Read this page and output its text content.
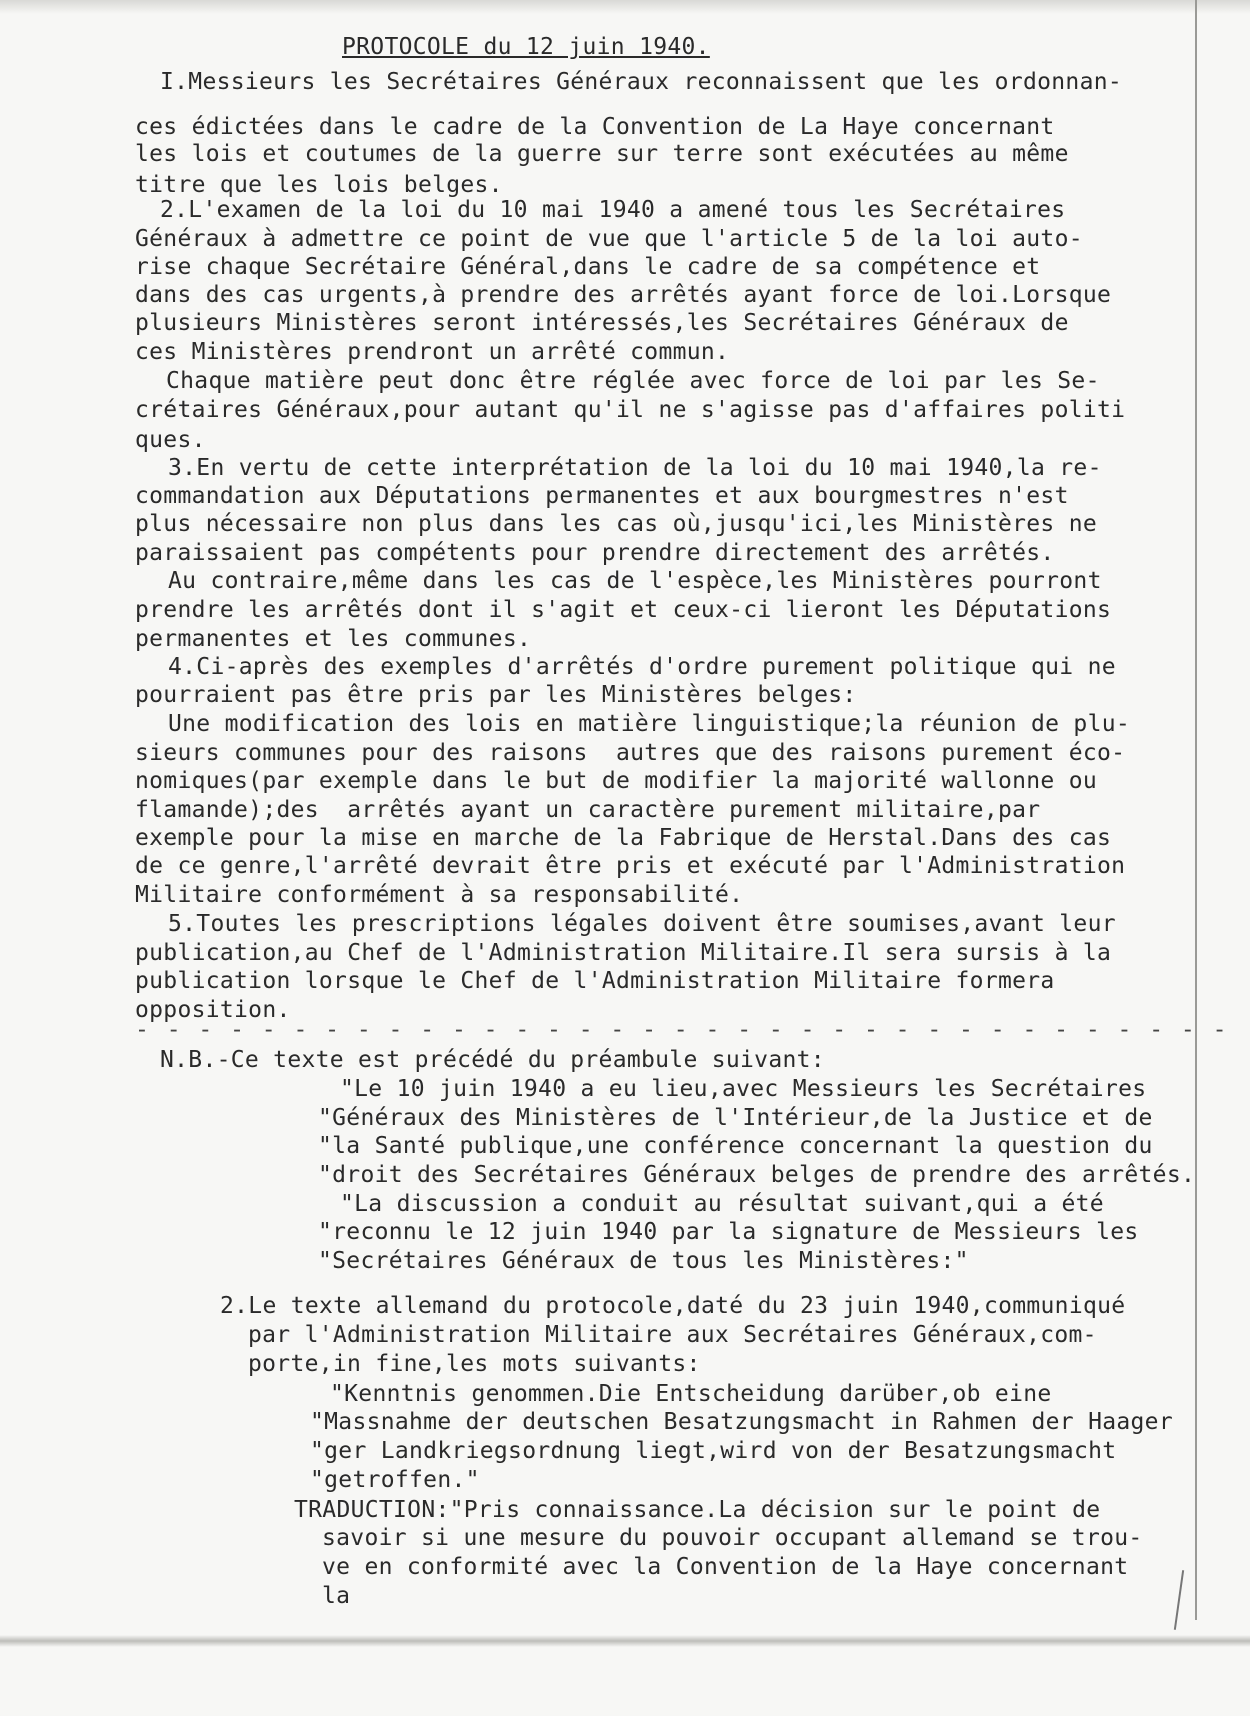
PROTOCOLE du 12 juin 1940.
I.Messieurs les Secrétaires Généraux reconnaissent que les ordonnan-
ces édictées dans le cadre de la Convention de La Haye concernant
les lois et coutumes de la guerre sur terre sont exécutées au même
titre que les lois belges.
2.L'examen de la loi du 10 mai 1940 a amené tous les Secrétaires
Généraux à admettre ce point de vue que l'article 5 de la loi auto-
rise chaque Secrétaire Général,dans le cadre de sa compétence et
dans des cas urgents,à prendre des arrêtés ayant force de loi.Lorsque
plusieurs Ministères seront intéressés,les Secrétaires Généraux de
ces Ministères prendront un arrêté commun.
Chaque matière peut donc être réglée avec force de loi par les Se-
crétaires Généraux,pour autant qu'il ne s'agisse pas d'affaires politi
ques.
3.En vertu de cette interprétation de la loi du 10 mai 1940,la re-
commandation aux Députations permanentes et aux bourgmestres n'est
plus nécessaire non plus dans les cas où,jusqu'ici,les Ministères ne
paraissaient pas compétents pour prendre directement des arrêtés.
Au contraire,même dans les cas de l'espèce,les Ministères pourront
prendre les arrêtés dont il s'agit et ceux-ci lieront les Députations
permanentes et les communes.
4.Ci-après des exemples d'arrêtés d'ordre purement politique qui ne
pourraient pas être pris par les Ministères belges:
Une modification des lois en matière linguistique;la réunion de plu-
sieurs communes pour des raisons  autres que des raisons purement éco-
nomiques(par exemple dans le but de modifier la majorité wallonne ou
flamande);des  arrêtés ayant un caractère purement militaire,par
exemple pour la mise en marche de la Fabrique de Herstal.Dans des cas
de ce genre,l'arrêté devrait être pris et exécuté par l'Administration
Militaire conformément à sa responsabilité.
5.Toutes les prescriptions légales doivent être soumises,avant leur
publication,au Chef de l'Administration Militaire.Il sera sursis à la
publication lorsque le Chef de l'Administration Militaire formera
opposition.
- - - - - - - - - - - - - - - - - - - - - - - - - - - - - - - - - - -
N.B.-Ce texte est précédé du préambule suivant:
"Le 10 juin 1940 a eu lieu,avec Messieurs les Secrétaires
"Généraux des Ministères de l'Intérieur,de la Justice et de
"la Santé publique,une conférence concernant la question du
"droit des Secrétaires Généraux belges de prendre des arrêtés.
"La discussion a conduit au résultat suivant,qui a été
"reconnu le 12 juin 1940 par la signature de Messieurs les
"Secrétaires Généraux de tous les Ministères:"
2.Le texte allemand du protocole,daté du 23 juin 1940,communiqué
par l'Administration Militaire aux Secrétaires Généraux,com-
porte,in fine,les mots suivants:
"Kenntnis genommen.Die Entscheidung darüber,ob eine
"Massnahme der deutschen Besatzungsmacht in Rahmen der Haager
"ger Landkriegsordnung liegt,wird von der Besatzungsmacht
"getroffen."
TRADUCTION:"Pris connaissance.La décision sur le point de
savoir si une mesure du pouvoir occupant allemand se trou-
ve en conformité avec la Convention de la Haye concernant
la
